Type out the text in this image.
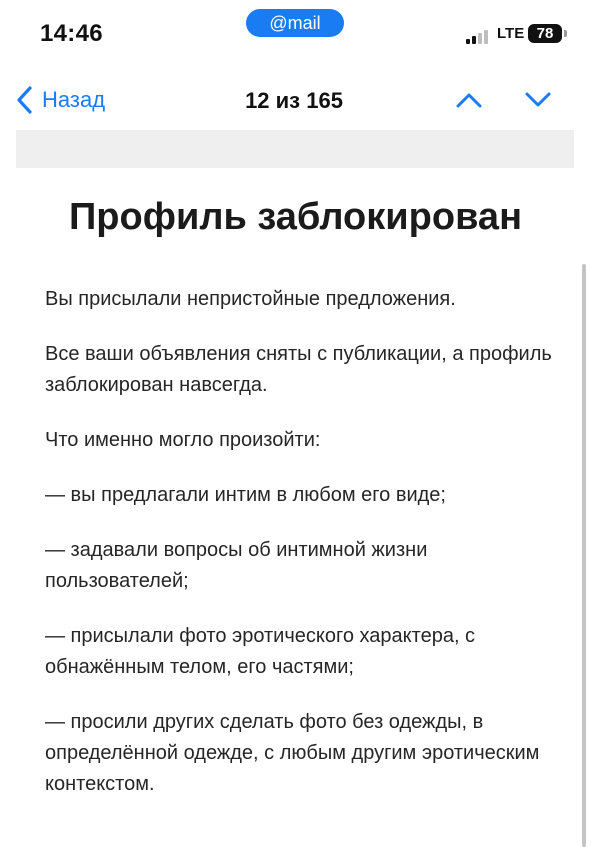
14:46	@mail
LTE 78
Назад	12 из 165
Профиль заблокирован

Вы присылали непристойные предложения.

Все ваши объявления сняты с публикации, а профиль заблокирован навсегда.

Что именно могло произойти:

— вы предлагали интим в любом его виде;

— задавали вопросы об интимной жизни пользователей;

— присылали фото эротического характера, с обнажённым телом, его частями;

— просили других сделать фото без одежды, в определённой одежде, с любым другим эротическим контекстом.
